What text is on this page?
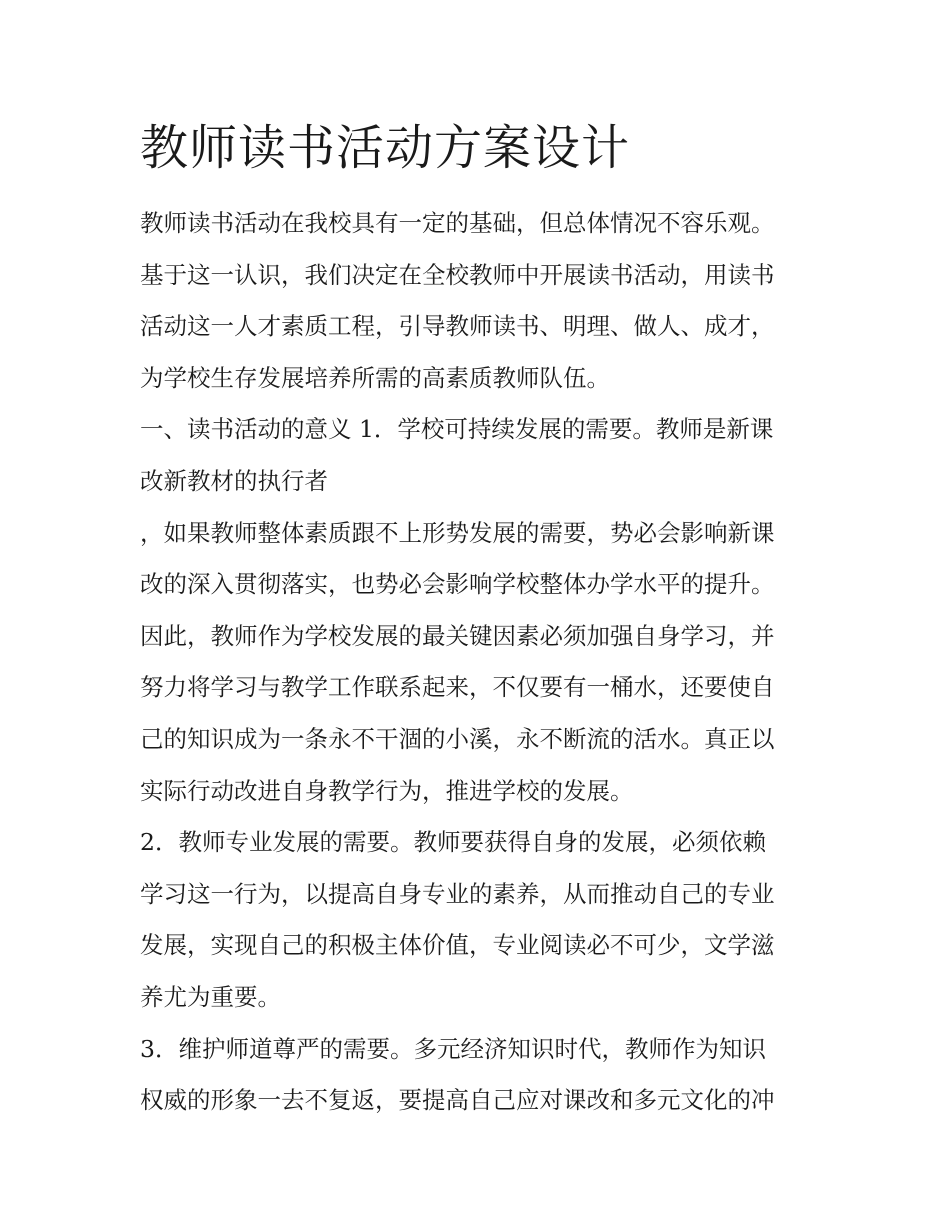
教师读书活动方案设计
教师读书活动在我校具有一定的基础，但总体情况不容乐观。
基于这一认识，我们决定在全校教师中开展读书活动，用读书
活动这一人才素质工程，引导教师读书、明理、做人、成才，
为学校生存发展培养所需的高素质教师队伍。
一、读书活动的意义 1．学校可持续发展的需要。教师是新课
改新教材的执行者
，如果教师整体素质跟不上形势发展的需要，势必会影响新课
改的深入贯彻落实，也势必会影响学校整体办学水平的提升。
因此，教师作为学校发展的最关键因素必须加强自身学习，并
努力将学习与教学工作联系起来，不仅要有一桶水，还要使自
己的知识成为一条永不干涸的小溪，永不断流的活水。真正以
实际行动改进自身教学行为，推进学校的发展。
2．教师专业发展的需要。教师要获得自身的发展，必须依赖
学习这一行为，以提高自身专业的素养，从而推动自己的专业
发展，实现自己的积极主体价值，专业阅读必不可少，文学滋
养尤为重要。
3．维护师道尊严的需要。多元经济知识时代，教师作为知识
权威的形象一去不复返，要提高自己应对课改和多元文化的冲
